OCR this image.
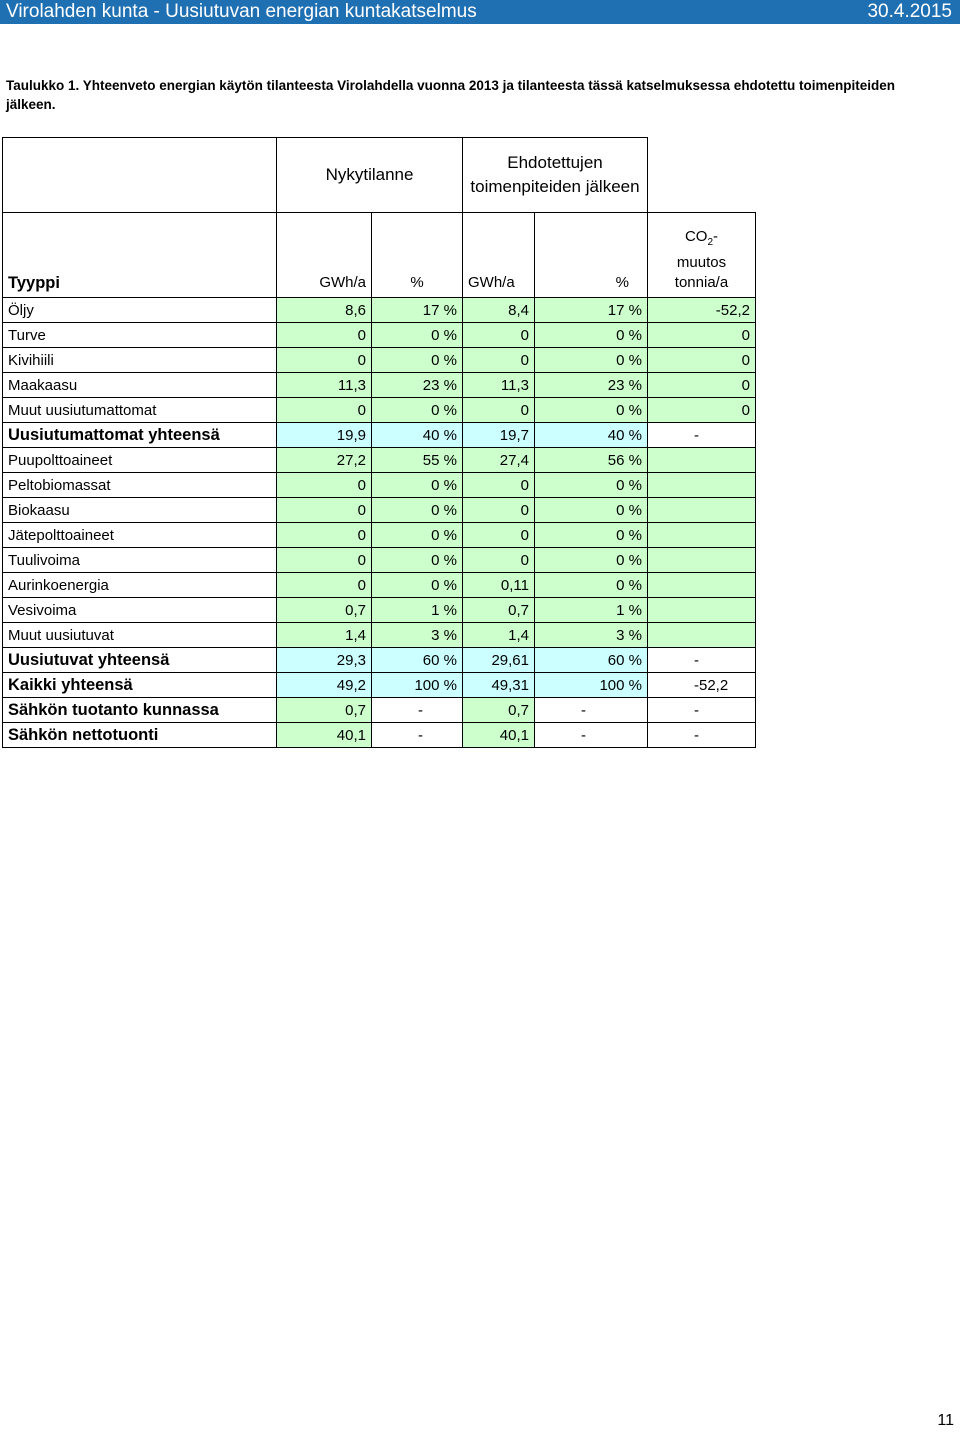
Virolahden kunta - Uusiutuvan energian kuntakatselmus	30.4.2015
Taulukko 1. Yhteenveto energian käytön tilanteesta Virolahdella vuonna 2013 ja tilanteesta tässä katselmuksessa ehdotettu toimenpiteiden jälkeen.
	Nykytilanne		Ehdotettujen toimenpiteiden jälkeen		
Tyyppi	GWh/a	%	GWh/a	%	$CO_2-$
muutos
tonnia/a
Öljy	8,6	17 %	8,4	17 %	-52,2
Turve	0	0 %	0	0 %	0
Kivihiili	0	0 %	0	0 %	0
Maakaasu	11,3	23 %	11,3	23 %	0
Muut uusiutumattomat	0	0 %	0	0 %	0
Uusiutumattomat yhteensä	19,9	40 %	19,7	40 %	-
Puupolttoaineet	27,2	55 %	27,4	56 %	
Peltobiomassat	0	0 %	0	0 %	
Biokaasu	0	0 %	0	0 %	
Jätepolttoaineet	0	0 %	0	0 %	
Tuulivoima	0	0 %	0	0 %	
Aurinkoenergia	0	0 %	0,11	0 %	
Vesivoima	0,7	1 %	0,7	1 %	
Muut uusiutuvat	1,4	3 %	1,4	3 %	
Uusiutuvat yhteensä	29,3	60 %	29,61	60 %	-
Kaikki yhteensä	49,2	100 %	49,31	100 %	-52,2
Sähkön tuotanto kunnassa	0,7	-	0,7	-	-
Sähkön nettotuonti	40,1	-	40,1	-	-
11
